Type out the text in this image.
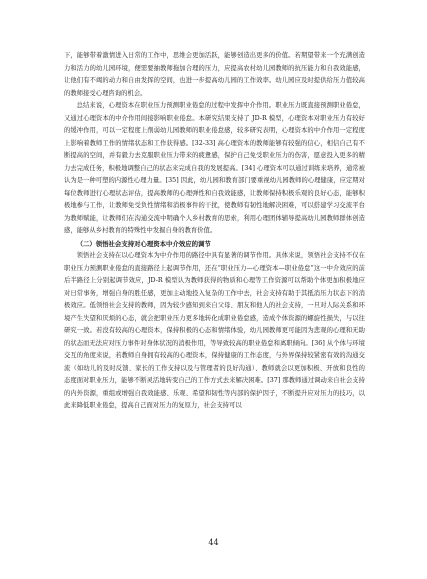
下，能够带着激情进入日常的工作中，思维会更加活跃，能够创造出更多的价值。若期望带来一个充满创造力和活力的幼儿园环境，便需要抽教师拖加合理的压力，应提高农村幼儿园教师的抗压能力和自我效能感，让他们有不竭的动力和自由发挥的空间，也进一步提高幼儿园的工作效率。幼儿园应及时提供给压力值较高的教师接受心理咨询的机会。

总结来说，心理资本在职业压力预测职业倦怠的过程中发挥中介作用。职业压力既直接预测职业倦怠，又通过心理资本的中介作用间接影响职业倦怠。本研究结果支持了 JD-R 模型，心理资本对职业压力有较好的缓冲作用，可以一定程度上削弱幼儿园教师的职业倦怠感，较多研究表明，心理资本的中介作用一定程度上影响着教师工作的情绪状态和工作获得感。[32-33] 高心理资本的教师能够有较强的信心，相信自己有不断提高的空间，并有毅力去克服职业压力带来的疲惫感，保护自己免受职业压力的伤害，愿意投入更多的精力去完成任务，积极地调整自己的状态来完成自我的发展提高。[34] 心理资本可以通过训练来培养，通常被认为是一种可塑的内源性心理力量。[35] 因此，幼儿园和教育部门要重视幼儿园教师的心理健康，应定期对每位教师进行心理状态评估，提高教师的心理弹性和自我效能感，让教师保持积极乐观的良好心态，能够积极地参与工作，让教师免受负性情绪和消极事件的干扰，使教师有韧性地解决困难，可以搭建学习交流平台为教师赋能，让教师们在沟通交流中明确个人乡村教育的思索，利用心理团体辅导提高幼儿园教师群体创造感，能够从乡村教育的特殊性中发掘自身的教育价值。

（二）领悟社会支持对心理资本中介效应的调节

领悟社会支持在以心理资本为中介作用的路径中具有显著的调节作用。具体来说，领悟社会支持不仅在职业压力预测职业倦怠的直接路径上起调节作用，还在“职业压力—心理资本—职业倦怠”这一中介效应的前后半路径上分别起调节效应，JD-R 模型认为教师获得的物质和心理等工作资源可以帮助个体更加积极地应对日常事务，增强自身的胜任感，更加主动地投入复杂的工作中去，社会支持有助于其抵消压力状态下的消极效应。低领悟社会支持的教师，因为较少感知到来自父母、朋友和他人的社会支持，一旦对人际关系和环境产生失望和厌烦的心态，就会把职业压力更多地转化成职业倦怠感，造成个体资源的螺旋性损失，与以往研究一致。若没有较高的心理资本，保持积极的心态和情绪体验，幼儿园教师更可能因为悲观的心理和无助的状态而无法应对压力事件对身体状况的消极作用，等导致较高的职业倦怠和离职倾向。[36] 从个体与环境交互的角度来说，若教师自身拥有较高的心理资本，保持健康的工作态度，与外界保持较紧密有效的沟通交流（如幼儿的及时反馈、家长的工作支持以及与管理者的良好沟通）、教师就会以更加积极、开放和良性的态度面对职业压力，能够不断灵活地转变自己的工作方式去来解决困难。[37] 那教师通过调动来自社会支持的内外资源，重组或增强自我效能感、乐观、希望和韧性等内部的保护因子，不断提升应对压力的技巧，以此来降低职业倦怠，提高自己面对压力的复原力，社会支持可以

44
